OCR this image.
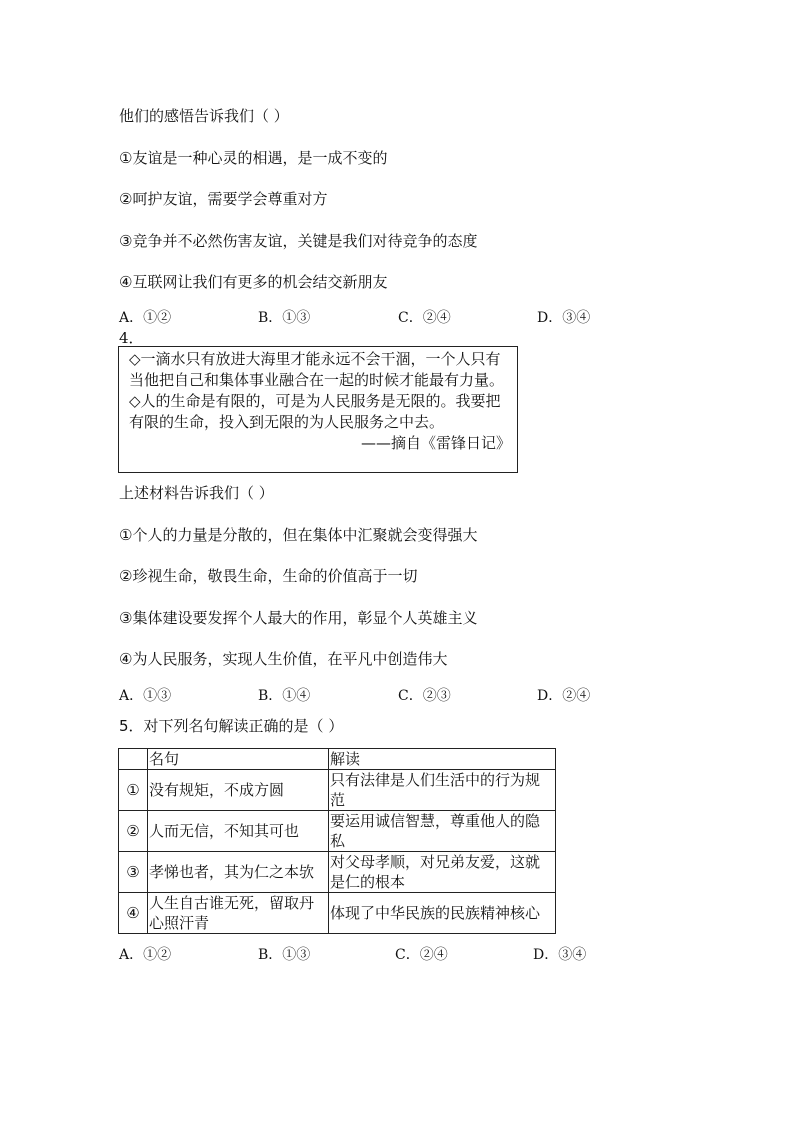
他们的感悟告诉我们（ ）
①友谊是一种心灵的相遇，是一成不变的
②呵护友谊，需要学会尊重对方
③竞争并不必然伤害友谊，关键是我们对待竞争的态度
④互联网让我们有更多的机会结交新朋友
A．①②	B．①③	C．②④	D．③④
4．

◇一滴水只有放进大海里才能永远不会干涸，一个人只有当他把自己和集体事业融合在一起的时候才能最有力量。

◇人的生命是有限的，可是为人民服务是无限的。我要把有限的生命，投入到无限的为人民服务之中去。

——摘自《雷锋日记》

上述材料告诉我们（ ）
①个人的力量是分散的，但在集体中汇聚就会变得强大
②珍视生命，敬畏生命，生命的价值高于一切
③集体建设要发挥个人最大的作用，彰显个人英雄主义
④为人民服务，实现人生价值，在平凡中创造伟大
A．①③	B．①④	C．②③	D．②④
5．对下列名句解读正确的是（ ）
	名句	解读
①	没有规矩，不成方圆	只有法律是人们生活中的行为规范
②	人而无信，不知其可也	要运用诚信智慧，尊重他人的隐私
③	孝悌也者，其为仁之本欤	对父母孝顺，对兄弟友爱，这就是仁的根本
④	人生自古谁无死，留取丹心照汗青	体现了中华民族的民族精神核心
A．①②	B．①③	C．②④	D．③④
